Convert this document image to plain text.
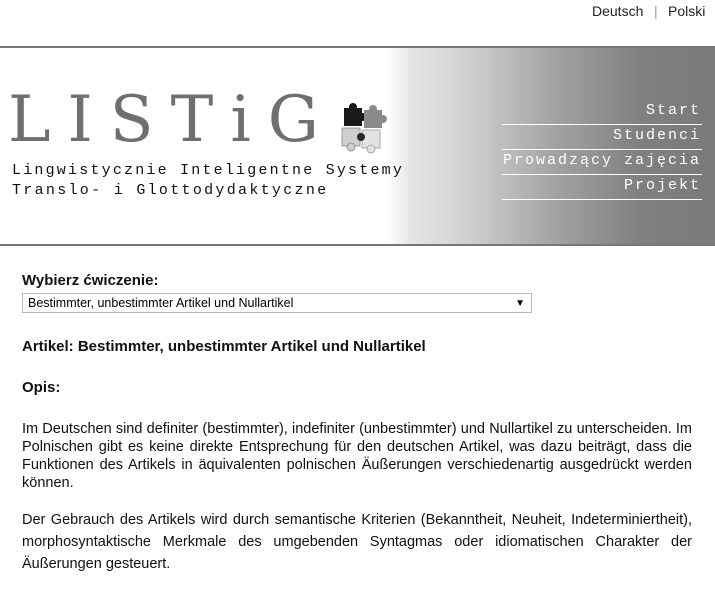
Deutsch | Polski
LISTiG
Lingwistycznie Inteligentne Systemy
Translo- i Glottodydaktyczne
Start
Studenci
Prowadzący zajęcia
Projekt
Wybierz ćwiczenie:
Bestimmter, unbestimmter Artikel und Nullartikel	▼
Artikel: Bestimmter, unbestimmter Artikel und Nullartikel
Opis:

Im Deutschen sind definiter (bestimmter), indefiniter (unbestimmter) und Nullartikel zu unterscheiden. Im Polnischen gibt es keine direkte Entsprechung für den deutschen Artikel, was dazu beiträgt, dass die Funktionen des Artikels in äquivalenten polnischen Äußerungen verschiedenartig ausgedrückt werden können.

Der Gebrauch des Artikels wird durch semantische Kriterien (Bekanntheit, Neuheit, Indeterminiertheit), morphosyntaktische Merkmale des umgebenden Syntagmas oder idiomatischen Charakter der Äußerungen gesteuert.
